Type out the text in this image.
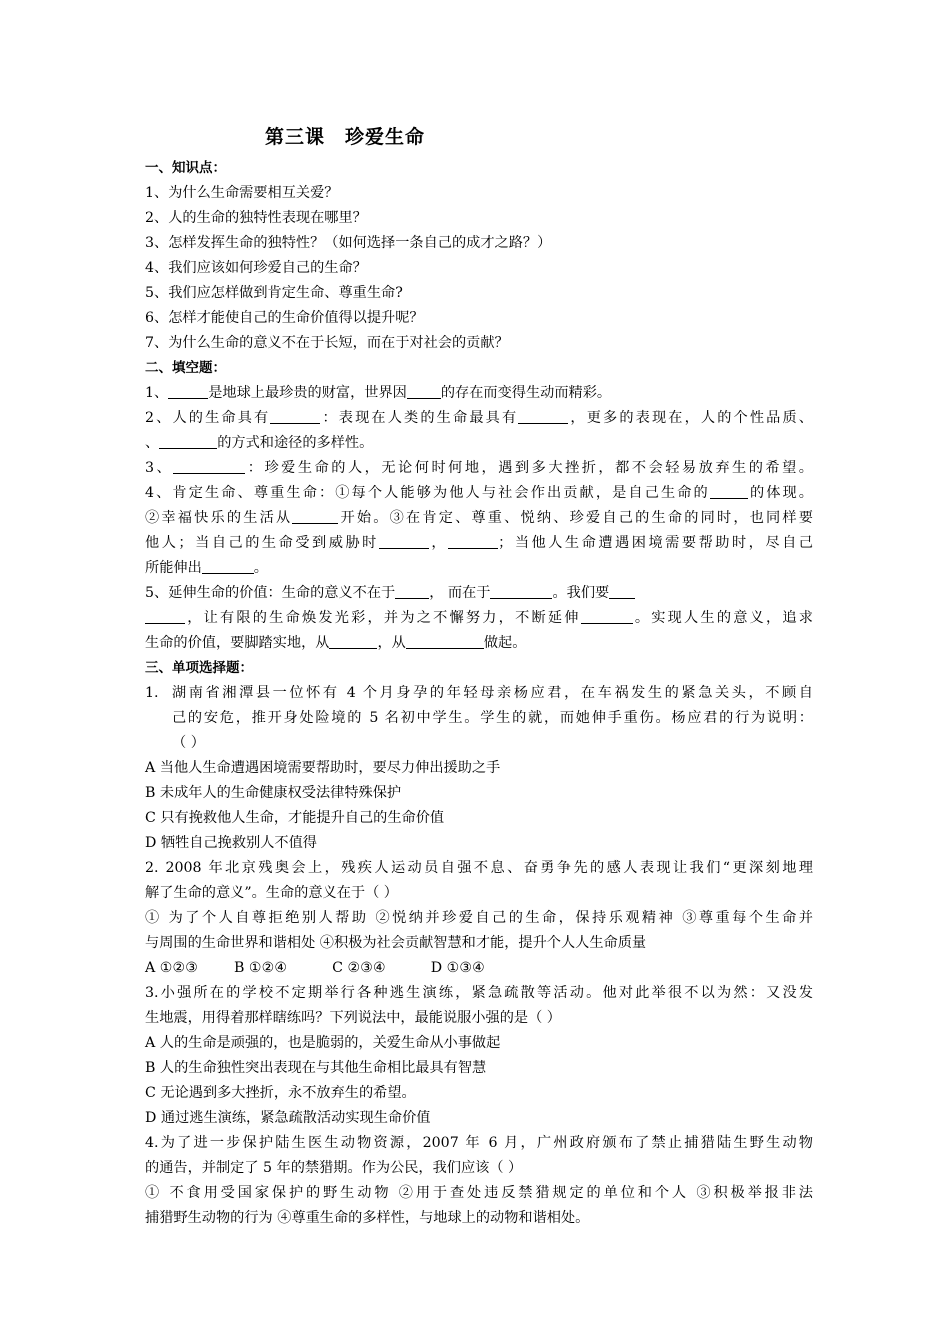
第三课　珍爱生命
一、知识点：
1、为什么生命需要相互关爱？
2、人的生命的独特性表现在哪里？
3、怎样发挥生命的独特性？（如何选择一条自己的成才之路？）
4、我们应该如何珍爱自己的生命？
5、我们应怎样做到肯定生命、尊重生命?
6、怎样才能使自己的生命价值得以提升呢？
7、为什么生命的意义不在于长短，而在于对社会的贡献？
二、填空题：
1、	是地球上最珍贵的财富，世界因 的存在而变得生动而精彩。
2、人的生命具有	：表现在人类的生命最具有	，更多的表现在，人的个性品质、
、	的方式和途径的多样性。
3、	：珍爱生命的人，无论何时何地，遇到多大挫折，都不会轻易放弃生的希望。
4、肯定生命、尊重生命：①每个人能够为他人与社会作出贡献，是自己生命的	的体现。
②幸福快乐的生活从	开始。③在肯定、尊重、悦纳、珍爱自己的生命的同时，也同样要
他人；当自己的生命受到威胁时	，	；当他人生命遭遇困境需要帮助时，尽自己
所能伸出	。
5、延伸生命的价值：生命的意义不在于 ， 而在于	。我们要
，让有限的生命焕发光彩，并为之不懈努力，不断延伸	。实现人生的意义，追求
生命的价值，要脚踏实地，从	，从	做起。
三、单项选择题：
1. 湖南省湘潭县一位怀有 4 个月身孕的年轻母亲杨应君，在车祸发生的紧急关头，不顾自
己的安危，推开身处险境的 5 名初中学生。学生的就，而她伸手重伤。杨应君的行为说明：
（ ）
A 当他人生命遭遇困境需要帮助时，要尽力伸出援助之手
B 未成年人的生命健康权受法律特殊保护
C 只有挽救他人生命，才能提升自己的生命价值
D 牺牲自己挽救别人不值得
2. 2008 年北京残奥会上，残疾人运动员自强不息、奋勇争先的感人表现让我们“更深刻地理
解了生命的意义”。生命的意义在于（ ）
① 为了个人自尊拒绝别人帮助 ②悦纳并珍爱自己的生命，保持乐观精神 ③尊重每个生命并
与周围的生命世界和谐相处 ④积极为社会贡献智慧和才能，提升个人人生命质量
A ①②③        B ①②④          C ②③④          D ①③④
3.小强所在的学校不定期举行各种逃生演练，紧急疏散等活动。他对此举很不以为然：又没发
生地震，用得着那样瞎练吗？下列说法中，最能说服小强的是（ ）
A 人的生命是顽强的，也是脆弱的，关爱生命从小事做起
B 人的生命独性突出表现在与其他生命相比最具有智慧
C 无论遇到多大挫折，永不放弃生的希望。
D 通过逃生演练，紧急疏散活动实现生命价值
4.为了进一步保护陆生医生动物资源，2007 年 6 月，广州政府颁布了禁止捕猎陆生野生动物
的通告，并制定了 5 年的禁猎期。作为公民，我们应该（ ）
① 不食用受国家保护的野生动物 ②用于查处违反禁猎规定的单位和个人 ③积极举报非法
捕猎野生动物的行为 ④尊重生命的多样性，与地球上的动物和谐相处。
